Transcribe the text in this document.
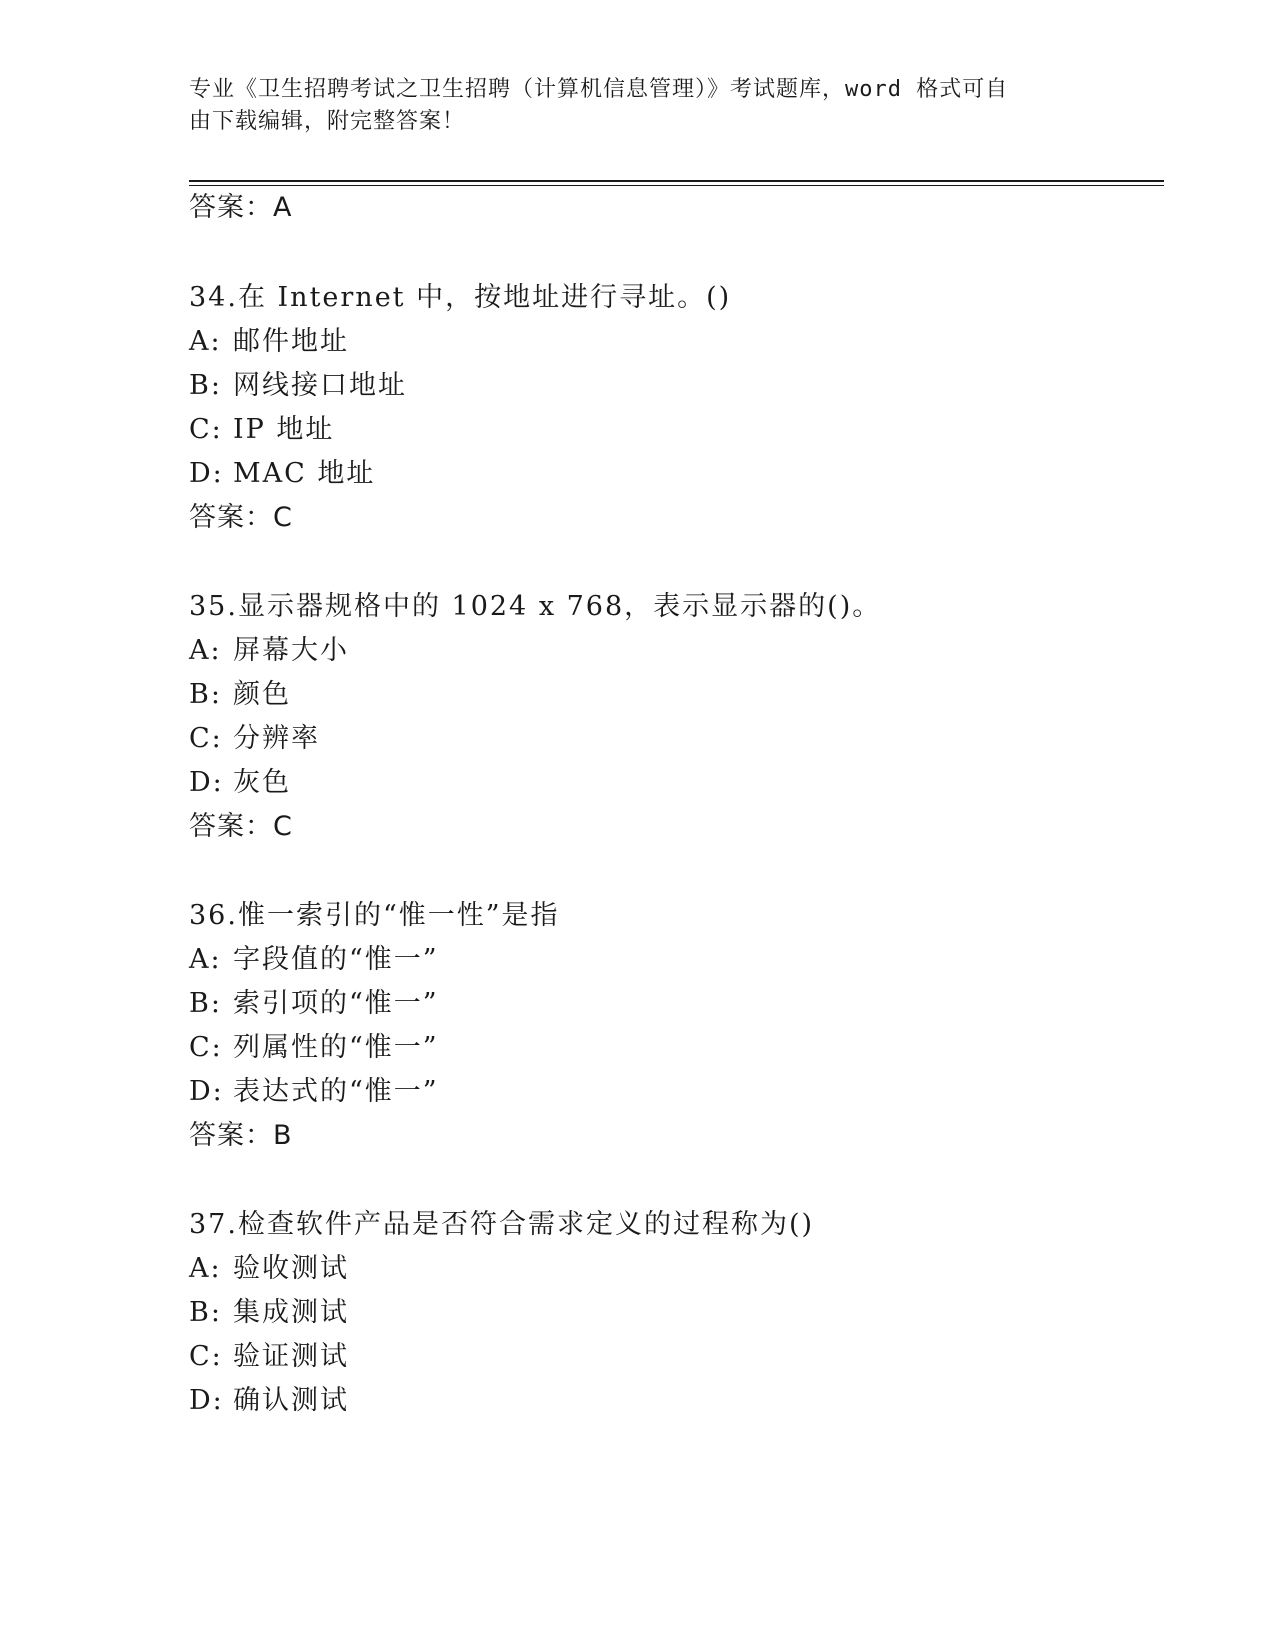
专业《卫生招聘考试之卫生招聘（计算机信息管理）》考试题库，word 格式可自
由下载编辑，附完整答案！
答案：A
34.在 Internet 中，按地址进行寻址。()
A: 邮件地址
B: 网线接口地址
C: IP 地址
D: MAC 地址
答案：C
35.显示器规格中的 1024 x 768，表示显示器的()。
A: 屏幕大小
B: 颜色
C: 分辨率
D: 灰色
答案：C
36.惟一索引的“惟一性”是指
A: 字段值的“惟一”
B: 索引项的“惟一”
C: 列属性的“惟一”
D: 表达式的“惟一”
答案：B
37.检查软件产品是否符合需求定义的过程称为()
A: 验收测试
B: 集成测试
C: 验证测试
D: 确认测试
